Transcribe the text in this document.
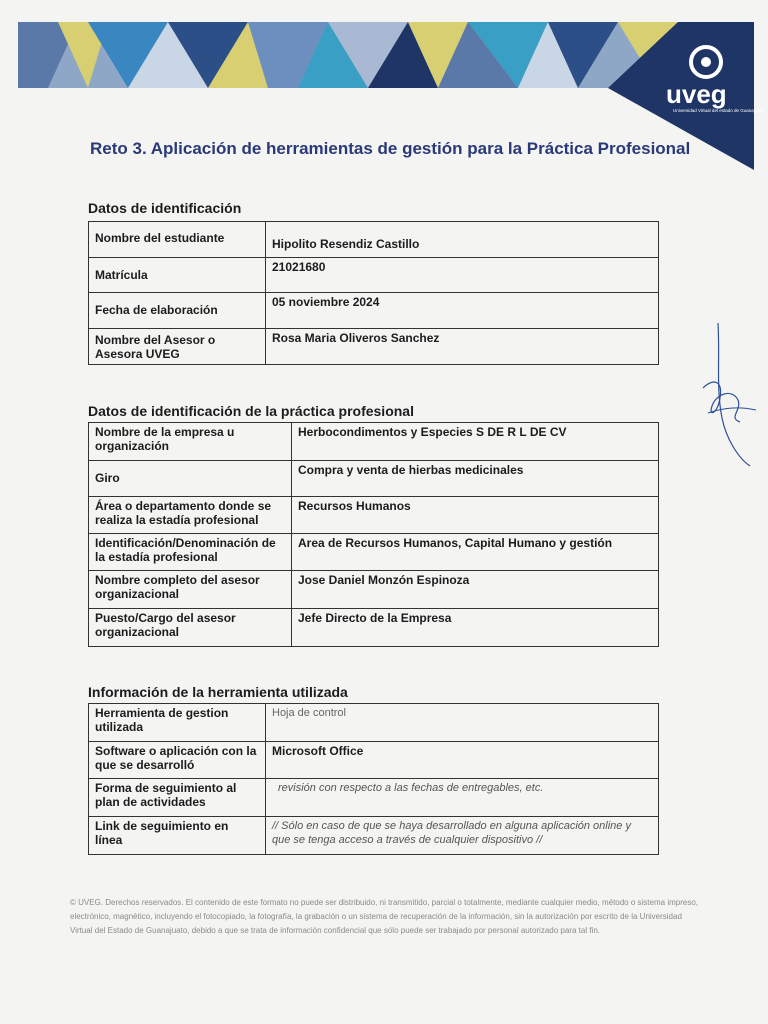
uveg
Universidad Virtual del estado de Guanajuato
Reto 3. Aplicación de herramientas de gestión para la Práctica Profesional
Datos de identificación
Nombre del estudiante	Hipolito Resendiz Castillo
Matrícula	21021680
Fecha de elaboración	05 noviembre 2024
Nombre del Asesor o Asesora UVEG	Rosa Maria Oliveros Sanchez
Datos de identificación de la práctica profesional
Nombre de la empresa u organización	Herbocondimentos y Especies S DE R L DE CV
Giro	Compra y venta de hierbas medicinales
Área o departamento donde se realiza la estadía profesional	Recursos Humanos
Identificación/Denominación de la estadía profesional	Area de Recursos Humanos, Capital Humano y gestión
Nombre completo del asesor organizacional	Jose Daniel Monzón Espinoza
Puesto/Cargo del asesor organizacional	Jefe Directo de la Empresa
Información de la herramienta utilizada
Herramienta de gestion utilizada	Hoja de control
Software o aplicación con la que se desarrolló	Microsoft Office
Forma de seguimiento al plan de actividades	revisión con respecto a las fechas de entregables, etc.
Link de seguimiento en línea	// Sólo en caso de que se haya desarrollado en alguna aplicación online y que se tenga acceso a través de cualquier dispositivo //
© UVEG. Derechos reservados. El contenido de este formato no puede ser distribuido, ni transmitido, parcial o totalmente, mediante cualquier medio, método o sistema impreso, electrónico, magnético, incluyendo el fotocopiado, la fotografía, la grabación o un sistema de recuperación de la información, sin la autorización por escrito de la Universidad Virtual del Estado de Guanajuato, debido a que se trata de información confidencial que sólo puede ser trabajado por personal autorizado para tal fin.
